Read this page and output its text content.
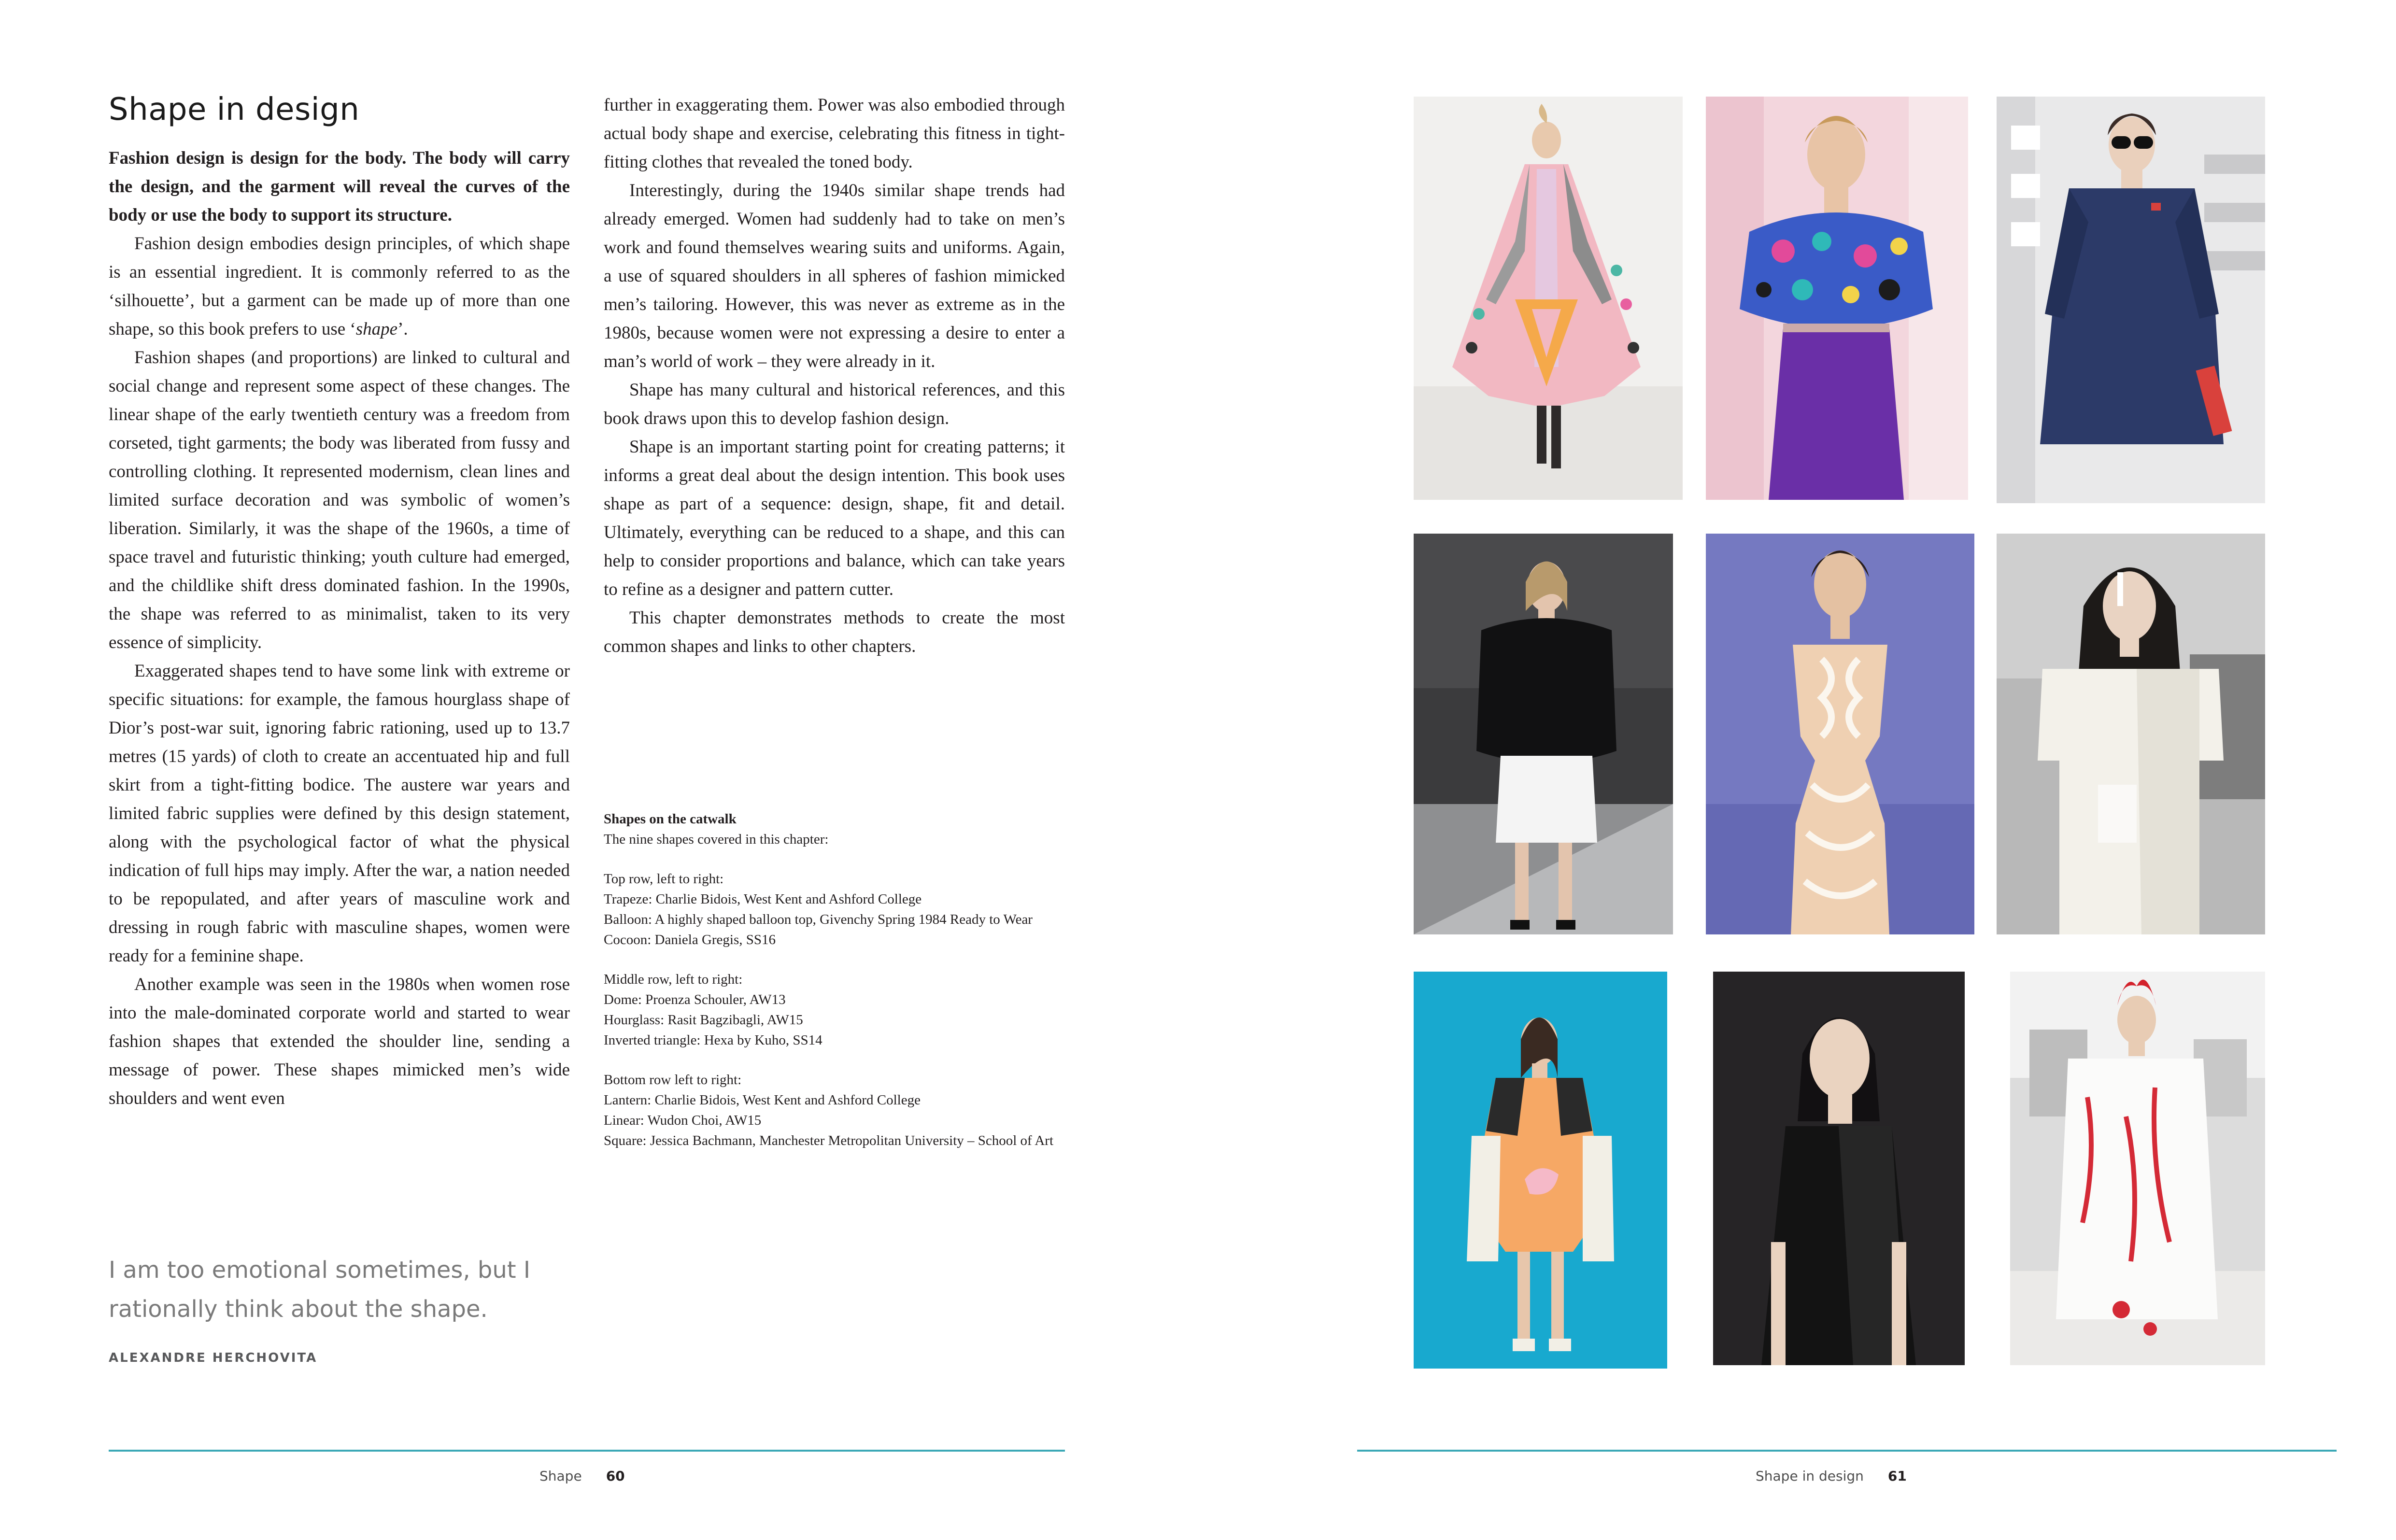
Shape in design

Fashion design is design for the body. The body will carry the design, and the garment will reveal the curves of the body or use the body to support its structure.

Fashion design embodies design principles, of which shape is an essential ingredient. It is commonly referred to as the ‘silhouette’, but a garment can be made up of more than one shape, so this book prefers to use ‘shape’.

Fashion shapes (and proportions) are linked to cultural and social change and represent some aspect of these changes. The linear shape of the early twentieth century was a freedom from corseted, tight garments; the body was liberated from fussy and controlling clothing. It represented modernism, clean lines and limited surface decoration and was symbolic of women’s liberation. Similarly, it was the shape of the 1960s, a time of space travel and futuristic thinking; youth culture had emerged, and the childlike shift dress dominated fashion. In the 1990s, the shape was referred to as minimalist, taken to its very essence of simplicity.

Exaggerated shapes tend to have some link with extreme or specific situations: for example, the famous hourglass shape of Dior’s post-war suit, ignoring fabric rationing, used up to 13.7 metres (15 yards) of cloth to create an accentuated hip and full skirt from a tight-fitting bodice. The austere war years and limited fabric supplies were defined by this design statement, along with the psychological factor of what the physical indication of full hips may imply. After the war, a nation needed to be repopulated, and after years of masculine work and dressing in rough fabric with masculine shapes, women were ready for a feminine shape.

Another example was seen in the 1980s when women rose into the male-dominated corporate world and started to wear fashion shapes that extended the shoulder line, sending a message of power. These shapes mimicked men’s wide shoulders and went even

further in exaggerating them. Power was also embodied through actual body shape and exercise, celebrating this fitness in tight-fitting clothes that revealed the toned body.

Interestingly, during the 1940s similar shape trends had already emerged. Women had suddenly had to take on men’s work and found themselves wearing suits and uniforms. Again, a use of squared shoulders in all spheres of fashion mimicked men’s tailoring. However, this was never as extreme as in the 1980s, because women were not expressing a desire to enter a man’s world of work – they were already in it.

Shape has many cultural and historical references, and this book draws upon this to develop fashion design.

Shape is an important starting point for creating patterns; it informs a great deal about the design intention. This book uses shape as part of a sequence: design, shape, fit and detail. Ultimately, everything can be reduced to a shape, and this can help to consider proportions and balance, which can take years to refine as a designer and pattern cutter.

This chapter demonstrates methods to create the most common shapes and links to other chapters.

Shapes on the catwalk
The nine shapes covered in this chapter:
Top row, left to right:
Trapeze: Charlie Bidois, West Kent and Ashford College
Balloon: A highly shaped balloon top, Givenchy Spring 1984 Ready to Wear
Cocoon: Daniela Gregis, SS16
Middle row, left to right:
Dome: Proenza Schouler, AW13
Hourglass: Rasit Bagzibagli, AW15
Inverted triangle: Hexa by Kuho, SS14
Bottom row left to right:
Lantern: Charlie Bidois, West Kent and Ashford College
Linear: Wudon Choi, AW15
Square: Jessica Bachmann, Manchester Metropolitan University – School of Art
I am too emotional sometimes, but I rationally think about the shape.
ALEXANDRE HERCHOVITA
Shape 60	Shape in design 61
